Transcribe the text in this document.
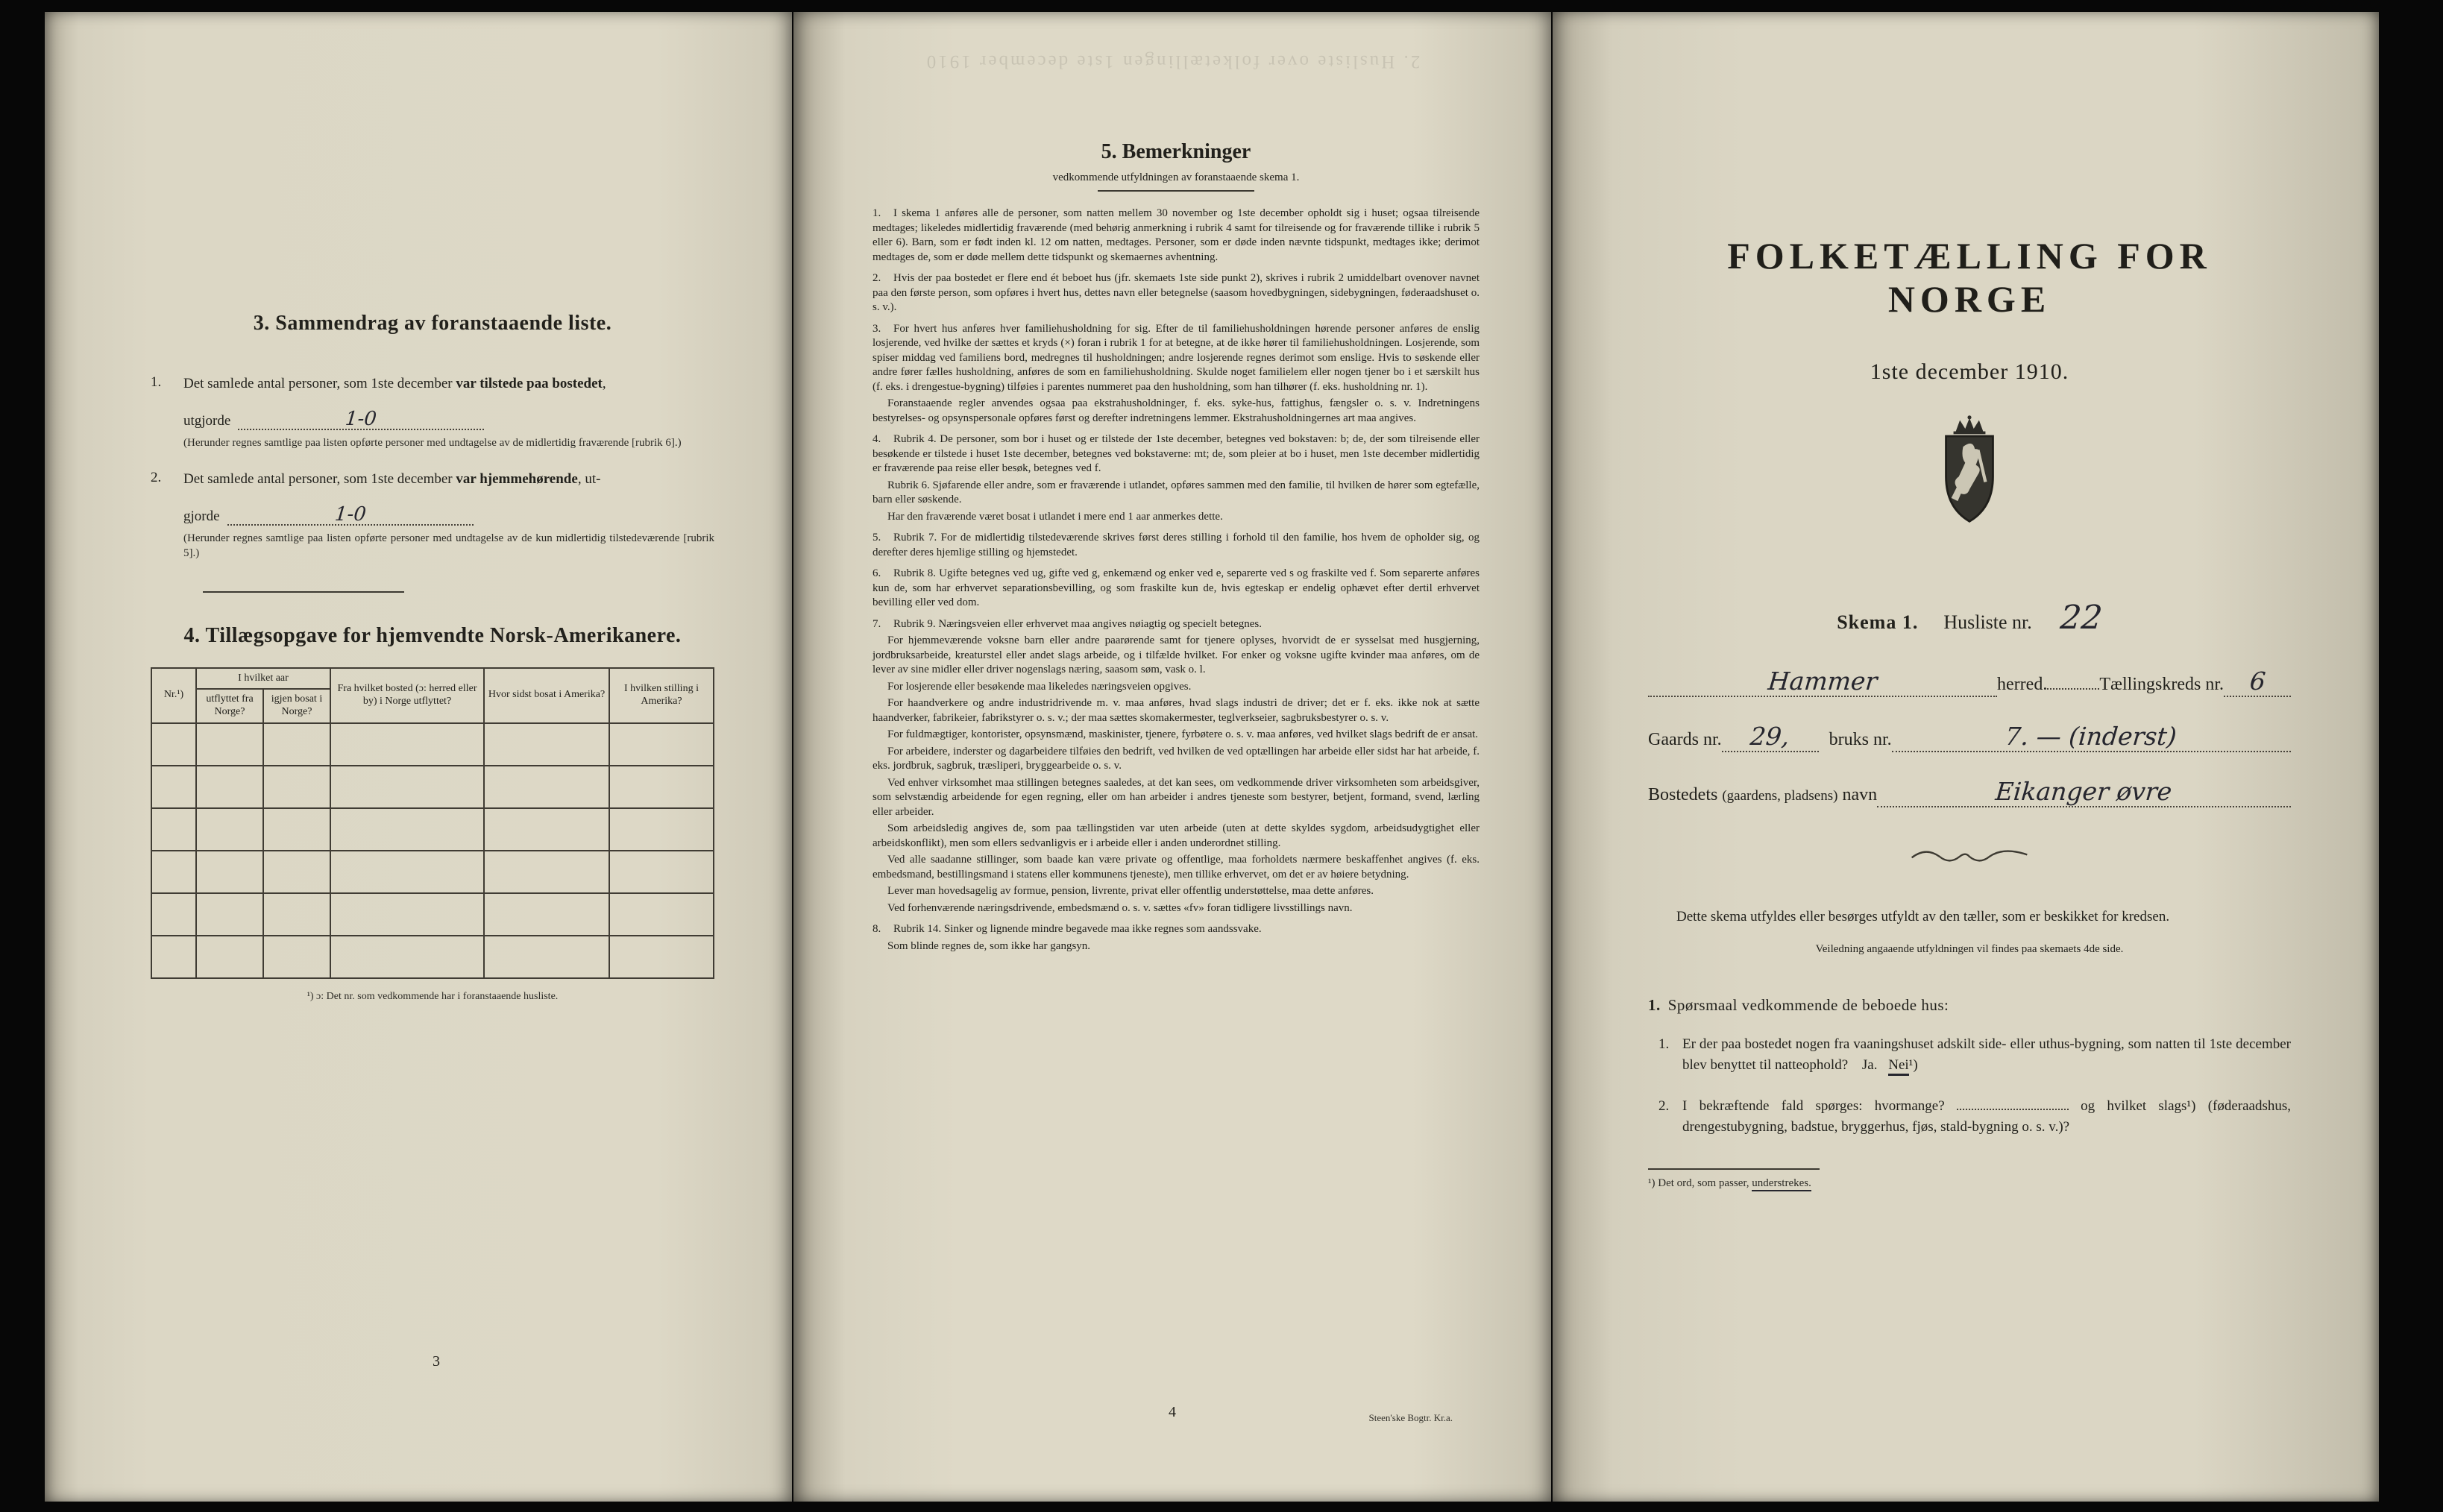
3. Sammendrag av foranstaaende liste.
1. Det samlede antal personer, som 1ste december var tilstede paa bostedet,

utgjorde	1-0

(Herunder regnes samtlige paa listen opførte personer med undtagelse av de midlertidig fraværende [rubrik 6].)

2. Det samlede antal personer, som 1ste december var hjemmehørende, ut-

gjorde	1-0

(Herunder regnes samtlige paa listen opførte personer med undtagelse av de kun midlertidig tilstedeværende [rubrik 5].)

4. Tillægsopgave for hjemvendte Norsk-Amerikanere.
Nr.¹)	I hvilket aar		Fra hvilket bosted (ɔ: herred eller by) i Norge utflyttet?	Hvor sidst bosat i Amerika?	I hvilken stilling i Amerika?
	utflyttet fra Norge?	igjen bosat i Norge?			

¹) ɔ: Det nr. som vedkommende har i foranstaaende husliste.

3
2. Husliste over folketællingen 1ste december 1910
5. Bemerkninger
vedkommende utfyldningen av foranstaaende skema 1.

1. I skema 1 anføres alle de personer, som natten mellem 30 november og 1ste december opholdt sig i huset; ogsaa tilreisende medtages; likeledes midlertidig fraværende (med behørig anmerkning i rubrik 4 samt for tilreisende og for fraværende tillike i rubrik 5 eller 6). Barn, som er født inden kl. 12 om natten, medtages. Personer, som er døde inden nævnte tidspunkt, medtages ikke; derimot medtages de, som er døde mellem dette tidspunkt og skemaernes avhentning.

2. Hvis der paa bostedet er flere end ét beboet hus (jfr. skemaets 1ste side punkt 2), skrives i rubrik 2 umiddelbart ovenover navnet paa den første person, som opføres i hvert hus, dettes navn eller betegnelse (saasom hovedbygningen, sidebygningen, føderaadshuset o. s. v.).

3. For hvert hus anføres hver familiehusholdning for sig. Efter de til familiehusholdningen hørende personer anføres de enslig losjerende, ved hvilke der sættes et kryds (×) foran i rubrik 1 for at betegne, at de ikke hører til familiehusholdningen. Losjerende, som spiser middag ved familiens bord, medregnes til husholdningen; andre losjerende regnes derimot som enslige. Hvis to søskende eller andre fører fælles husholdning, anføres de som en familiehusholdning. Skulde noget familielem eller nogen tjener bo i et særskilt hus (f. eks. i drengestue-bygning) tilføies i parentes nummeret paa den husholdning, som han tilhører (f. eks. husholdning nr. 1).

Foranstaaende regler anvendes ogsaa paa ekstrahusholdninger, f. eks. syke-hus, fattighus, fængsler o. s. v. Indretningens bestyrelses- og opsynspersonale opføres først og derefter indretningens lemmer. Ekstrahusholdningernes art maa angives.

4. Rubrik 4. De personer, som bor i huset og er tilstede der 1ste december, betegnes ved bokstaven: b; de, der som tilreisende eller besøkende er tilstede i huset 1ste december, betegnes ved bokstaverne: mt; de, som pleier at bo i huset, men 1ste december midlertidig er fraværende paa reise eller besøk, betegnes ved f.

Rubrik 6. Sjøfarende eller andre, som er fraværende i utlandet, opføres sammen med den familie, til hvilken de hører som egtefælle, barn eller søskende.

Har den fraværende været bosat i utlandet i mere end 1 aar anmerkes dette.

5. Rubrik 7. For de midlertidig tilstedeværende skrives først deres stilling i forhold til den familie, hos hvem de opholder sig, og derefter deres hjemlige stilling og hjemstedet.

6. Rubrik 8. Ugifte betegnes ved ug, gifte ved g, enkemænd og enker ved e, separerte ved s og fraskilte ved f. Som separerte anføres kun de, som har erhvervet separationsbevilling, og som fraskilte kun de, hvis egteskap er endelig ophævet efter dertil erhvervet bevilling eller ved dom.

7. Rubrik 9. Næringsveien eller erhvervet maa angives nøiagtig og specielt betegnes.

For hjemmeværende voksne barn eller andre paarørende samt for tjenere oplyses, hvorvidt de er sysselsat med husgjerning, jordbruksarbeide, kreaturstel eller andet slags arbeide, og i tilfælde hvilket. For enker og voksne ugifte kvinder maa anføres, om de lever av sine midler eller driver nogenslags næring, saasom søm, vask o. l.

For losjerende eller besøkende maa likeledes næringsveien opgives.

For haandverkere og andre industridrivende m. v. maa anføres, hvad slags industri de driver; det er f. eks. ikke nok at sætte haandverker, fabrikeier, fabrikstyrer o. s. v.; der maa sættes skomakermester, teglverkseier, sagbruksbestyrer o. s. v.

For fuldmægtiger, kontorister, opsynsmænd, maskinister, tjenere, fyrbøtere o. s. v. maa anføres, ved hvilket slags bedrift de er ansat.

For arbeidere, inderster og dagarbeidere tilføies den bedrift, ved hvilken de ved optællingen har arbeide eller sidst har hat arbeide, f. eks. jordbruk, sagbruk, træsliperi, bryggearbeide o. s. v.

Ved enhver virksomhet maa stillingen betegnes saaledes, at det kan sees, om vedkommende driver virksomheten som arbeidsgiver, som selvstændig arbeidende for egen regning, eller om han arbeider i andres tjeneste som bestyrer, betjent, formand, svend, lærling eller arbeider.

Som arbeidsledig angives de, som paa tællingstiden var uten arbeide (uten at dette skyldes sygdom, arbeidsudygtighet eller arbeidskonflikt), men som ellers sedvanligvis er i arbeide eller i anden underordnet stilling.

Ved alle saadanne stillinger, som baade kan være private og offentlige, maa forholdets nærmere beskaffenhet angives (f. eks. embedsmand, bestillingsmand i statens eller kommunens tjeneste), men tillike erhvervet, om det er av høiere betydning.

Lever man hovedsagelig av formue, pension, livrente, privat eller offentlig understøttelse, maa dette anføres.

Ved forhenværende næringsdrivende, embedsmænd o. s. v. sættes «fv» foran tidligere livsstillings navn.

8. Rubrik 14. Sinker og lignende mindre begavede maa ikke regnes som aandssvake.

Som blinde regnes de, som ikke har gangsyn.

4	Steen'ske Bogtr. Kr.a.
FOLKETÆLLING FOR NORGE
1ste december 1910.
Skema 1. Husliste nr. 22
Hammer	herred.	Tællingskreds nr. 6
Gaards nr. 29, bruks nr.	7. — (inderst)
Bostedets (gaardens, pladsens) navn	Eikanger øvre

Dette skema utfyldes eller besørges utfyldt av den tæller, som er beskikket for kredsen.

Veiledning angaaende utfyldningen vil findes paa skemaets 4de side.

1. Spørsmaal vedkommende de beboede hus:

1. Er der paa bostedet nogen fra vaaningshuset adskilt side- eller uthus-bygning, som natten til 1ste december blev benyttet til natteophold? Ja. Nei¹)

2. I bekræftende fald spørges: hvormange?	og hvilket slags¹) (føderaadshus, drengestubygning, badstue, bryggerhus, fjøs, stald-bygning o. s. v.)?

¹) Det ord, som passer, understrekes.
